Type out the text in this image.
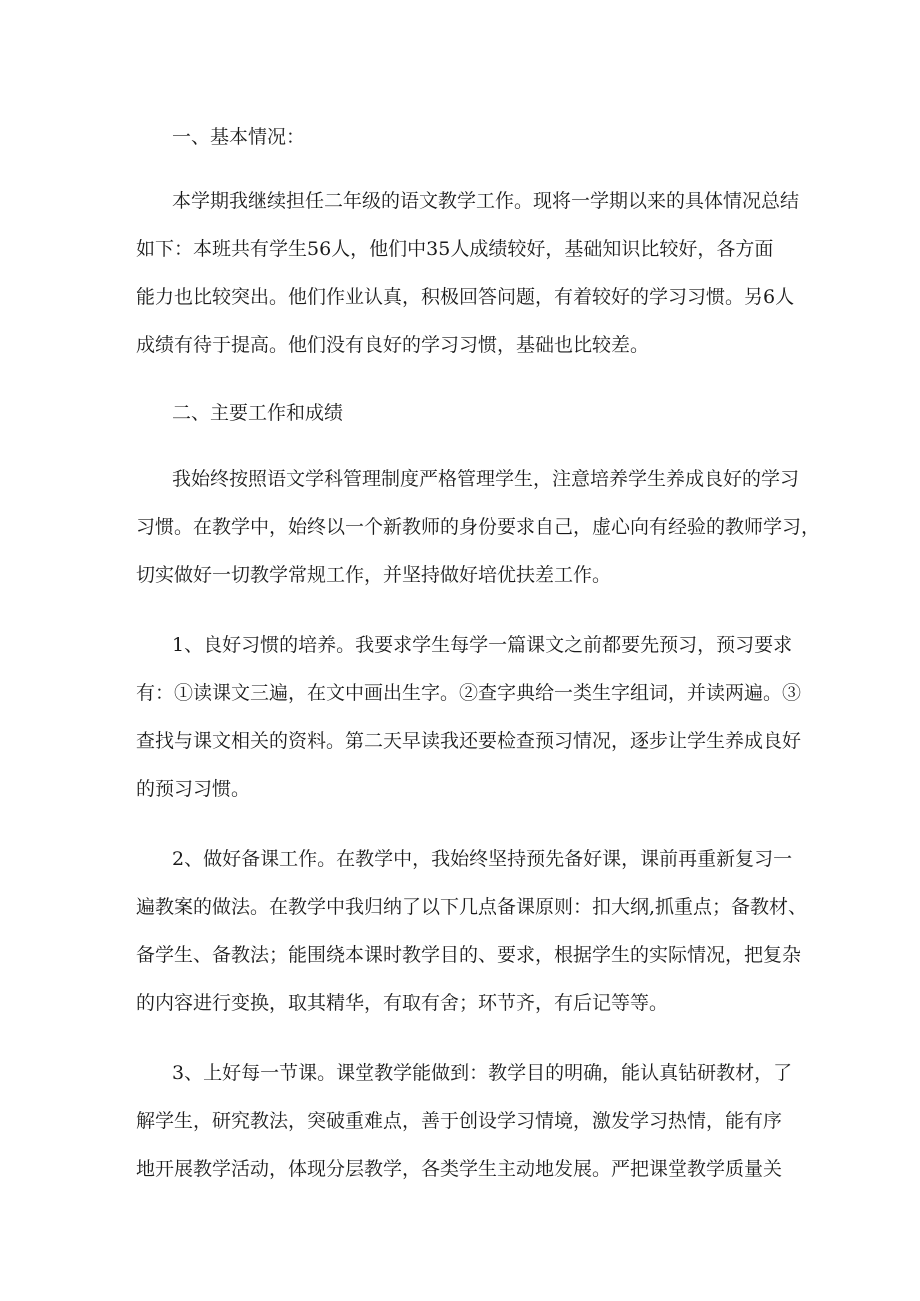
一、基本情况：
本学期我继续担任二年级的语文教学工作。现将一学期以来的具体情况总结
如下：本班共有学生56人，他们中35人成绩较好，基础知识比较好，各方面
能力也比较突出。他们作业认真，积极回答问题，有着较好的学习习惯。另6人
成绩有待于提高。他们没有良好的学习习惯，基础也比较差。
二、主要工作和成绩
我始终按照语文学科管理制度严格管理学生，注意培养学生养成良好的学习
习惯。在教学中，始终以一个新教师的身份要求自己，虚心向有经验的教师学习，
切实做好一切教学常规工作，并坚持做好培优扶差工作。
1、良好习惯的培养。我要求学生每学一篇课文之前都要先预习，预习要求
有：①读课文三遍，在文中画出生字。②查字典给一类生字组词，并读两遍。③
查找与课文相关的资料。第二天早读我还要检查预习情况，逐步让学生养成良好
的预习习惯。
2、做好备课工作。在教学中，我始终坚持预先备好课，课前再重新复习一
遍教案的做法。在教学中我归纳了以下几点备课原则：扣大纲,抓重点；备教材、
备学生、备教法；能围绕本课时教学目的、要求，根据学生的实际情况，把复杂
的内容进行变换，取其精华，有取有舍；环节齐，有后记等等。
3、上好每一节课。课堂教学能做到：教学目的明确，能认真钻研教材，了
解学生，研究教法，突破重难点，善于创设学习情境，激发学习热情，能有序
地开展教学活动，体现分层教学，各类学生主动地发展。严把课堂教学质量关
